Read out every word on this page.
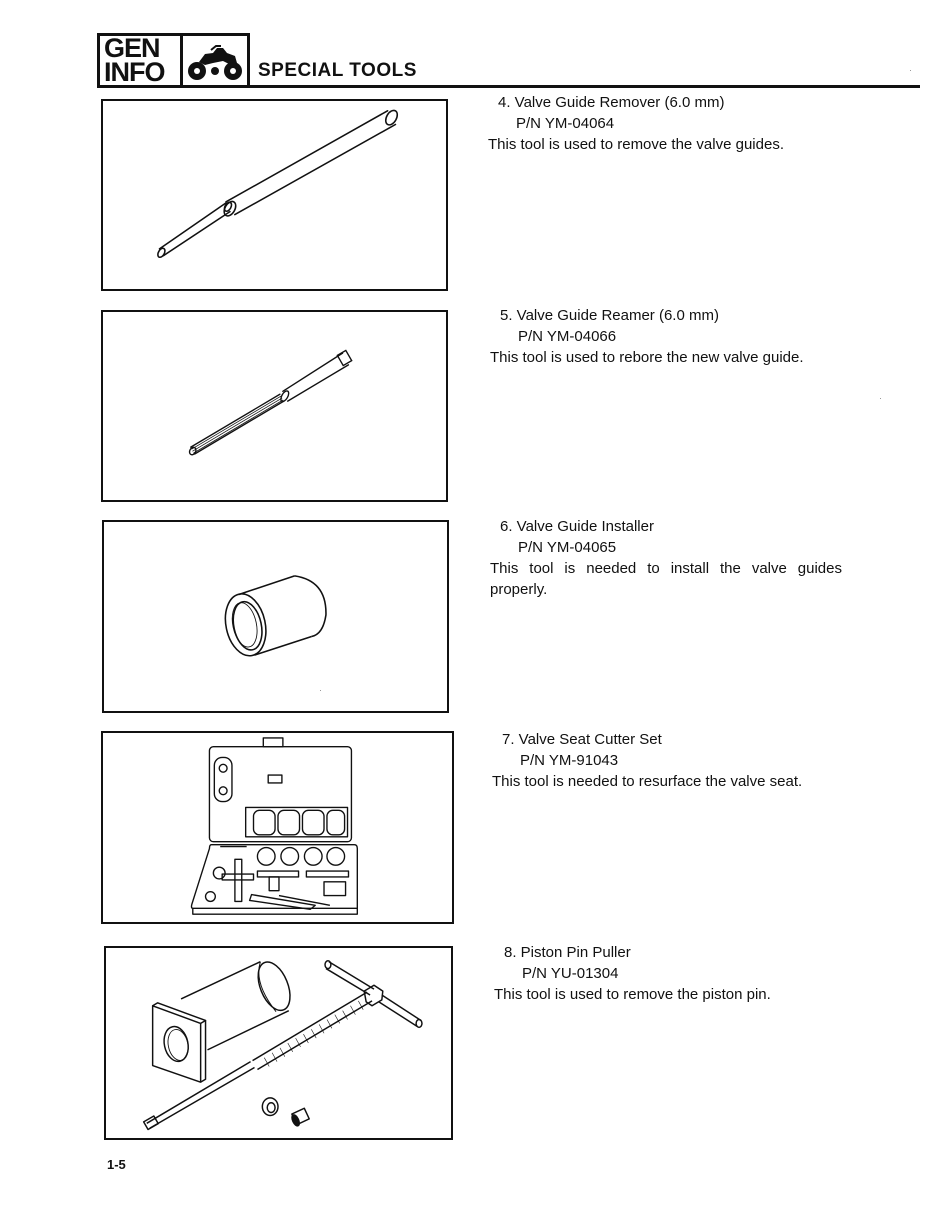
GEN
INFO	SPECIAL TOOLS
4. Valve Guide Remover (6.0 mm)
P/N YM-04064
This tool is used to remove the valve guides.
5. Valve Guide Reamer (6.0 mm)
P/N YM-04066
This tool is used to rebore the new valve guide.
6. Valve Guide Installer
P/N YM-04065
This tool is needed to install the valve guides properly.
7. Valve Seat Cutter Set
P/N YM-91043
This tool is needed to resurface the valve seat.
8. Piston Pin Puller
P/N YU-01304
This tool is used to remove the piston pin.
1-5
